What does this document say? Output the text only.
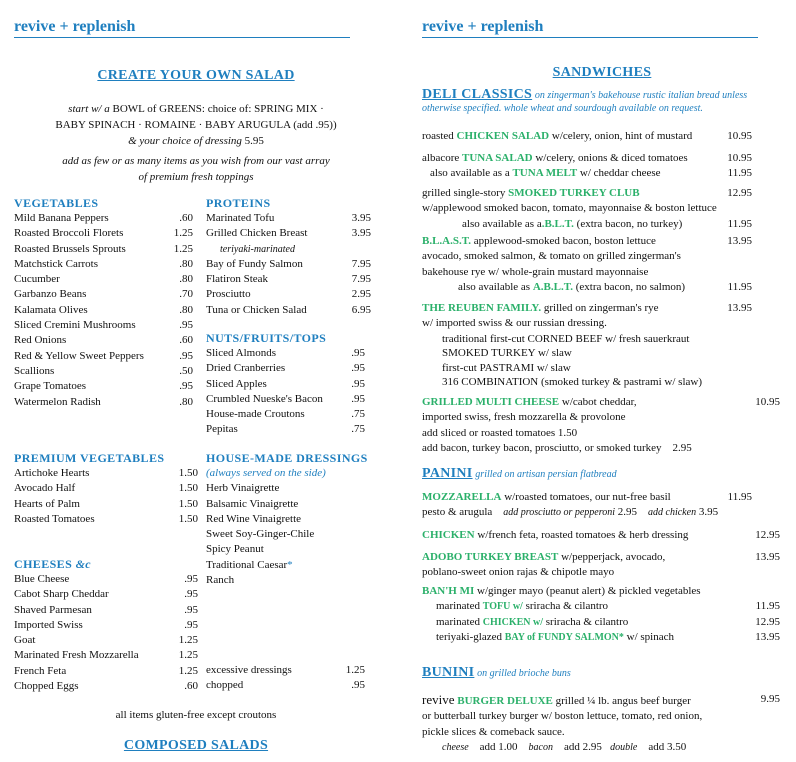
revive + replenish
CREATE YOUR OWN SALAD
start w/ a BOWL of GREENS: choice of: SPRING MIX ·
BABY SPINACH · ROMAINE · BABY ARUGULA (add .95))
& your choice of dressing 5.95
add as few or as many items as you wish from our vast array
of premium fresh toppings
VEGETABLES
Mild Banana Peppers	.60
Roasted Broccoli Florets	1.25
Roasted Brussels Sprouts	1.25
Matchstick Carrots	.80
Cucumber	.80
Garbanzo Beans	.70
Kalamata Olives	.80
Sliced Cremini Mushrooms	.95
Red Onions	.60
Red & Yellow Sweet Peppers	.95
Scallions	.50
Grape Tomatoes	.95
Watermelon Radish	.80
PROTEINS
Marinated Tofu	3.95
Grilled Chicken Breast	3.95
teriyaki-marinated
Bay of Fundy Salmon	7.95
Flatiron Steak	7.95
Prosciutto	2.95
Tuna or Chicken Salad	6.95
NUTS/FRUITS/TOPS
Sliced Almonds	.95
Dried Cranberries	.95
Sliced Apples	.95
Crumbled Nueske's Bacon	.95
House-made Croutons	.75
Pepitas	.75
PREMIUM VEGETABLES
Artichoke Hearts	1.50
Avocado Half	1.50
Hearts of Palm	1.50
Roasted Tomatoes	1.50
HOUSE-MADE DRESSINGS
(always served on the side)
Herb Vinaigrette
Balsamic Vinaigrette
Red Wine Vinaigrette
Sweet Soy-Ginger-Chile
Spicy Peanut
Traditional Caesar*
Ranch
excessive dressings	1.25
chopped	.95
CHEESES &c
Blue Cheese	.95
Cabot Sharp Cheddar	.95
Shaved Parmesan	.95
Imported Swiss	.95
Goat	1.25
Marinated Fresh Mozzarella	1.25
French Feta	1.25
Chopped Eggs	.60
all items gluten-free except croutons
COMPOSED SALADS
revive + replenish
SANDWICHES
DELI CLASSICS on zingerman's bakehouse rustic italian bread unless
otherwise specified. whole wheat and sourdough available on request.
roasted CHICKEN SALAD w/celery, onion, hint of mustard	10.95
albacore TUNA SALAD w/celery, onions & diced tomatoes	10.95
also available as a TUNA MELT w/ cheddar cheese	11.95
grilled single-story SMOKED TURKEY CLUB	12.95
w/applewood smoked bacon, tomato, mayonnaise & boston lettuce
also available as a.B.L.T. (extra bacon, no turkey)	11.95
B.L.A.S.T. applewood-smoked bacon, boston lettuce	13.95
avocado, smoked salmon, & tomato on grilled zingerman's
bakehouse rye w/ whole-grain mustard mayonnaise
also available as A.B.L.T. (extra bacon, no salmon)	11.95
THE REUBEN FAMILY. grilled on zingerman's rye	13.95
w/ imported swiss & our russian dressing.
traditional first-cut CORNED BEEF w/ fresh sauerkraut
SMOKED TURKEY w/ slaw
first-cut PASTRAMI w/ slaw
316 COMBINATION (smoked turkey & pastrami w/ slaw)
GRILLED MULTI CHEESE w/cabot cheddar,	10.95
imported swiss, fresh mozzarella & provolone
add sliced or roasted tomatoes 1.50
add bacon, turkey bacon, prosciutto, or smoked turkey 2.95
PANINI grilled on artisan persian flatbread
MOZZARELLA w/roasted tomatoes, our nut-free basil	11.95
pesto & arugula add prosciutto or pepperoni 2.95 add chicken 3.95
CHICKEN w/french feta, roasted tomatoes & herb dressing	12.95
ADOBO TURKEY BREAST w/pepperjack, avocado,	13.95
poblano-sweet onion rajas & chipotle mayo
BAN'H MI w/ginger mayo (peanut alert) & pickled vegetables
marinated TOFU w/ sriracha & cilantro	11.95
marinated CHICKEN w/ sriracha & cilantro	12.95
teriyaki-glazed BAY of FUNDY SALMON* w/ spinach	13.95
BUNINI on grilled brioche buns
revive BURGER DELUXE grilled ¼ lb. angus beef burger	9.95
or butterball turkey burger w/ boston lettuce, tomato, red onion,
pickle slices & comeback sauce.
cheese add 1.00 bacon add 2.95 double add 3.50
